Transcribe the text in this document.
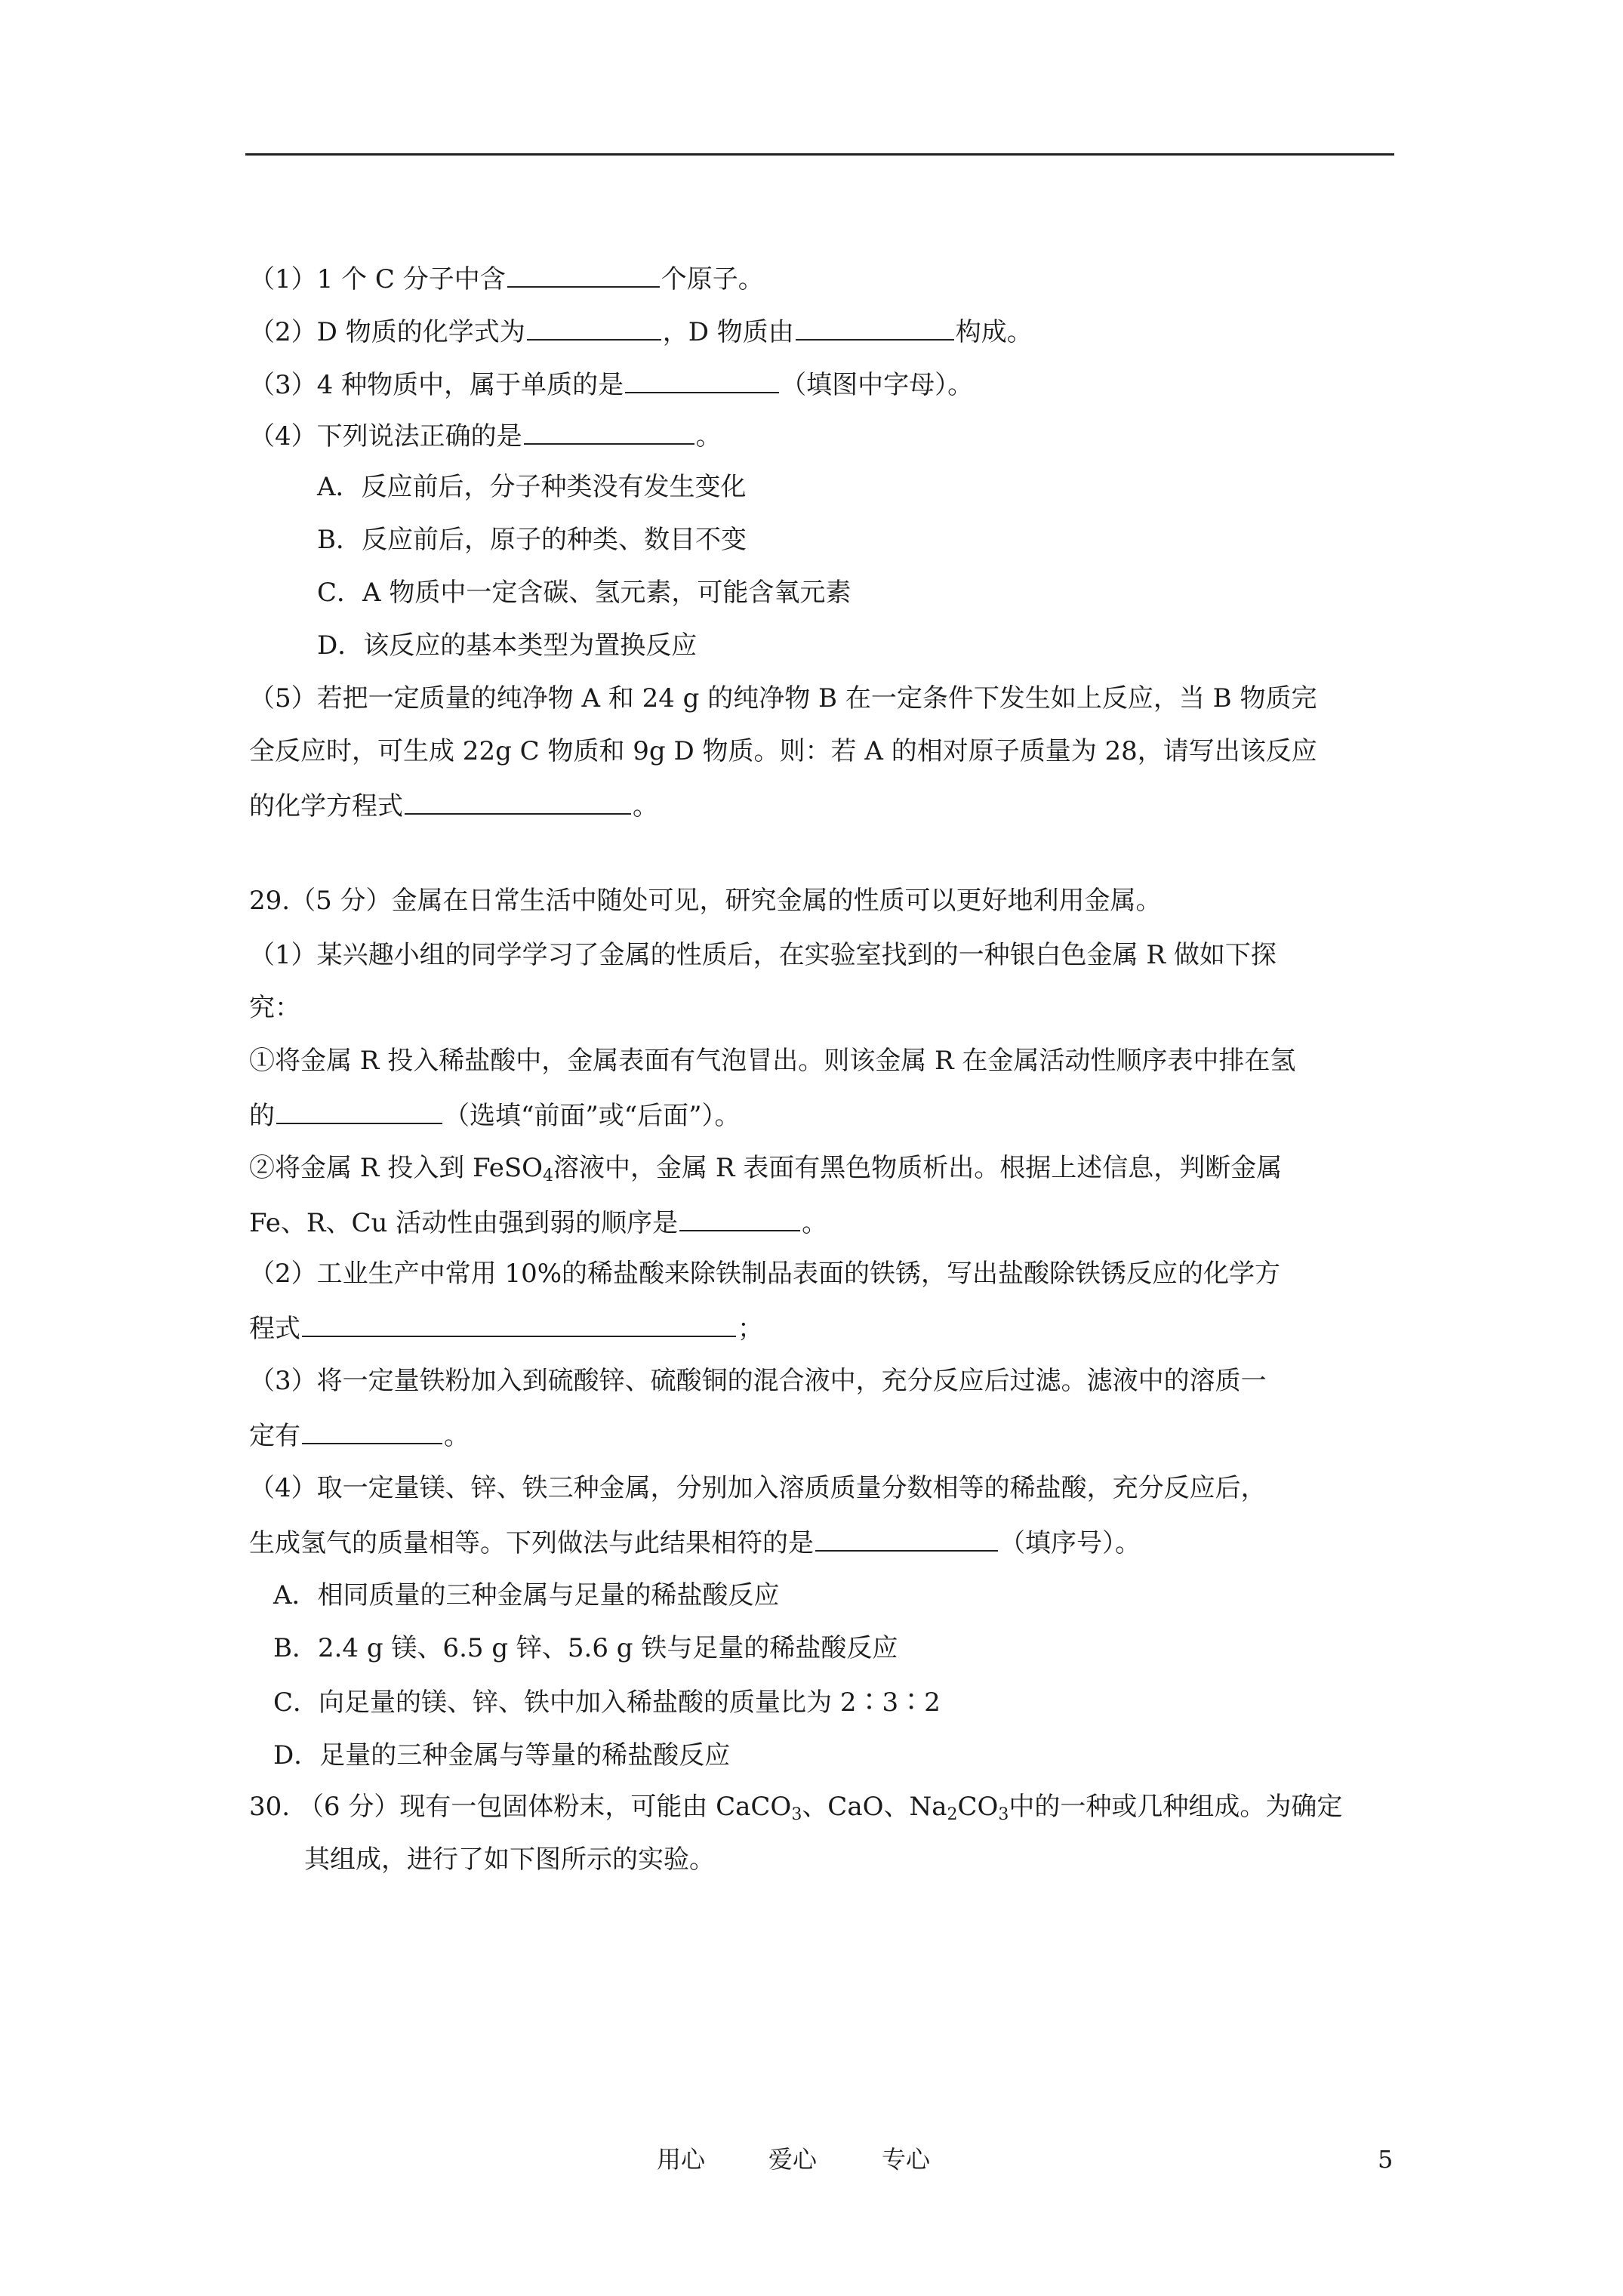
（1）1 个 C 分子中含	个原子。
（2）D 物质的化学式为	，D 物质由	构成。
（3）4 种物质中，属于单质的是	（填图中字母）。
（4）下列说法正确的是	。
A．反应前后，分子种类没有发生变化
B．反应前后，原子的种类、数目不变
C．A 物质中一定含碳、氢元素，可能含氧元素
D．该反应的基本类型为置换反应
（5）若把一定质量的纯净物 A 和 24 g 的纯净物 B 在一定条件下发生如上反应，当 B 物质完
全反应时，可生成 22g C 物质和 9g D 物质。则：若 A 的相对原子质量为 28，请写出该反应
的化学方程式	。
29.（5 分）金属在日常生活中随处可见，研究金属的性质可以更好地利用金属。
（1）某兴趣小组的同学学习了金属的性质后，在实验室找到的一种银白色金属 R 做如下探
究：
①将金属 R 投入稀盐酸中，金属表面有气泡冒出。则该金属 R 在金属活动性顺序表中排在氢
的	（选填“前面”或“后面”）。
②将金属 R 投入到 FeSO$_4$溶液中，金属 R 表面有黑色物质析出。根据上述信息，判断金属
Fe、R、Cu 活动性由强到弱的顺序是	。
（2）工业生产中常用 10%的稀盐酸来除铁制品表面的铁锈，写出盐酸除铁锈反应的化学方
程式	；
（3）将一定量铁粉加入到硫酸锌、硫酸铜的混合液中，充分反应后过滤。滤液中的溶质一
定有	。
（4）取一定量镁、锌、铁三种金属，分别加入溶质质量分数相等的稀盐酸，充分反应后，
生成氢气的质量相等。下列做法与此结果相符的是	（填序号）。
A．相同质量的三种金属与足量的稀盐酸反应
B．2.4 g 镁、6.5 g 锌、5.6 g 铁与足量的稀盐酸反应
C．向足量的镁、锌、铁中加入稀盐酸的质量比为 2∶3∶2
D．足量的三种金属与等量的稀盐酸反应
30. （6 分）现有一包固体粉末，可能由 CaCO$_3$、CaO、$Na_2CO_3$中的一种或几种组成。为确定
其组成，进行了如下图所示的实验。
用心	爱心	专心	5
